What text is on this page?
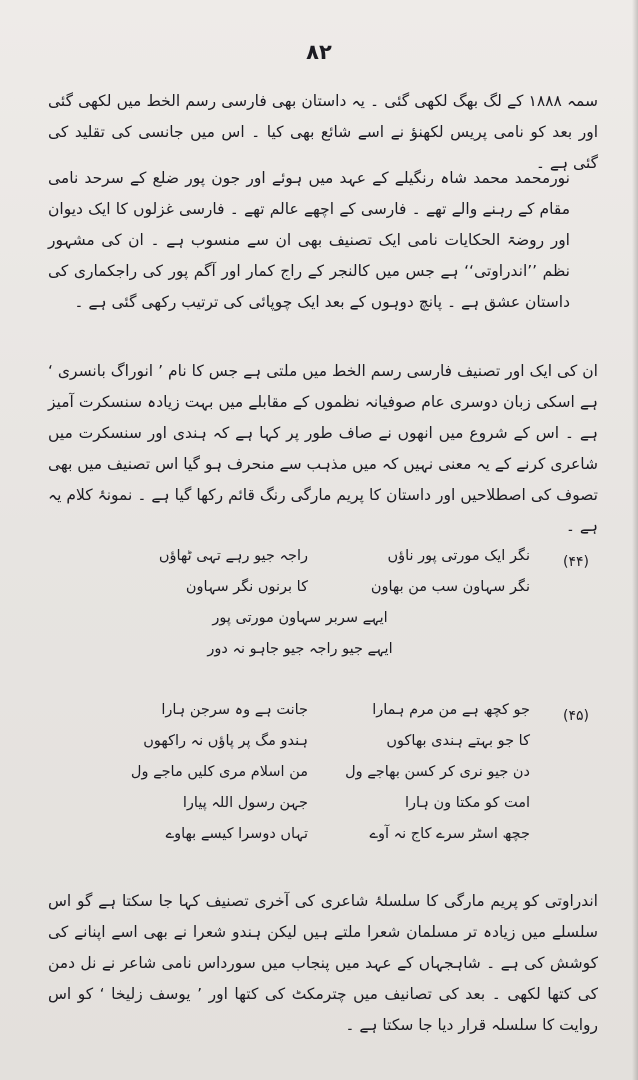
۸۲

سمہ ۱۸۸۸ کے لگ بھگ لکھی گئی ۔ یہ داستان بھی فارسی رسم الخط میں لکھی گئی اور بعد کو نامی پریس لکھنؤ نے اسے شائع بھی کیا ۔ اس میں جانسی کی تقلید کی گئی ہے ۔

نورمحمد محمد شاہ رنگیلے کے عہد میں ہوئے اور جون پور ضلع کے سرحد نامی مقام کے رہنے والے تھے ۔ فارسی کے اچھے عالم تھے ۔ فارسی غزلوں کا ایک دیوان اور روضۃ الحکایات نامی ایک تصنیف بھی ان سے منسوب ہے ۔ ان کی مشہور نظم ’’اندراوتی‘‘ ہے جس میں کالنجر کے راج کمار اور آگم پور کی راجکماری کی داستان عشق ہے ۔ پانچ دوہوں کے بعد ایک چوپائی کی ترتیب رکھی گئی ہے ۔

ان کی ایک اور تصنیف فارسی رسم الخط میں ملتی ہے جس کا نام ’ انوراگ بانسری ‘ ہے اسکی زبان دوسری عام صوفیانہ نظموں کے مقابلے میں بہت زیادہ سنسکرت آمیز ہے ۔ اس کے شروع میں انھوں نے صاف طور پر کہا ہے کہ ہندی اور سنسکرت میں شاعری کرنے کے یہ معنی نہیں کہ میں مذہب سے منحرف ہو گیا اس تصنیف میں بھی تصوف کی اصطلاحیں اور داستان کا پریم مارگی رنگ قائم رکھا گیا ہے ۔ نمونۂ کلام یہ ہے ۔

(۴۴)
راجہ جیو رہے تہی ٹھاؤں	نگر ایک مورتی پور ناؤں
کا برنوں نگر سہاون	نگر سہاون سب من بھاون
ایہے سربر سہاون مورتی پور
ایہے جیو راجہ جیو جاہو نہ دور
(۴۵)
جانت ہے وہ سرجن ہارا	جو کچھ ہے من مرم ہمارا
ہندو مگ پر پاؤں نہ راکھوں	کا جو بہتے ہندی بھاکوں
من اسلام مری کلیں ماجے ول	دن جیو نری کر کسن بھاجے ول
جہن رسول اللہ پیارا	امت کو مکتا ون ہارا
تہاں دوسرا کیسے بھاوے	جچھ اسٹر سرے کاج نہ آوے

اندراوتی کو پریم مارگی کا سلسلۂ شاعری کی آخری تصنیف کہا جا سکتا ہے گو اس سلسلے میں زیادہ تر مسلمان شعرا ملتے ہیں لیکن ہندو شعرا نے بھی اسے اپنانے کی کوشش کی ہے ۔ شاہجہاں کے عہد میں پنجاب میں سورداس نامی شاعر نے نل دمن کی کتھا لکھی ۔ بعد کی تصانیف میں چترمکٹ کی کتھا اور ’ یوسف زلیخا ‘ کو اس روایت کا سلسلہ قرار دیا جا سکتا ہے ۔
